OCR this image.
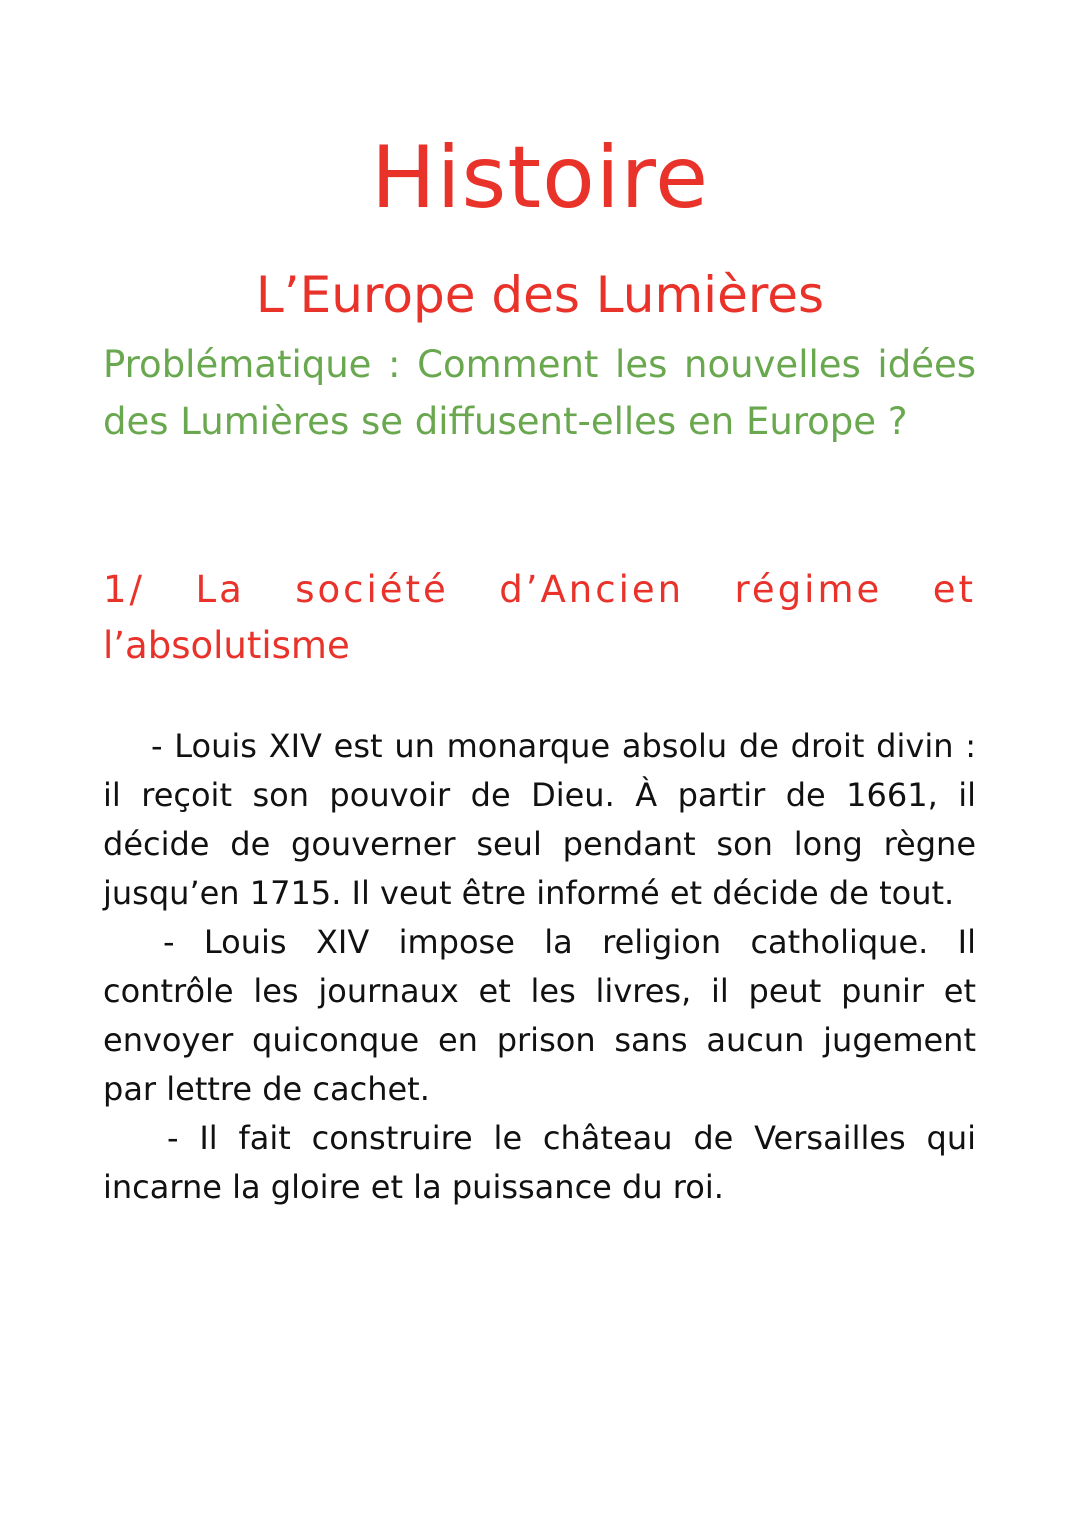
Histoire
L’Europe des Lumières
Problématique : Comment les nouvelles idées des Lumières se diffusent-elles en Europe ?
1/ La société d’Ancien régime et
l’absolutisme

- Louis XIV est un monarque absolu de droit divin : il reçoit son pouvoir de Dieu. À partir de 1661, il décide de gouverner seul pendant son long règne jusqu’en 1715. Il veut être informé et décide de tout.

- Louis XIV impose la religion catholique. Il contrôle les journaux et les livres, il peut punir et envoyer quiconque en prison sans aucun jugement par lettre de cachet.

- Il fait construire le château de Versailles qui incarne la gloire et la puissance du roi.
